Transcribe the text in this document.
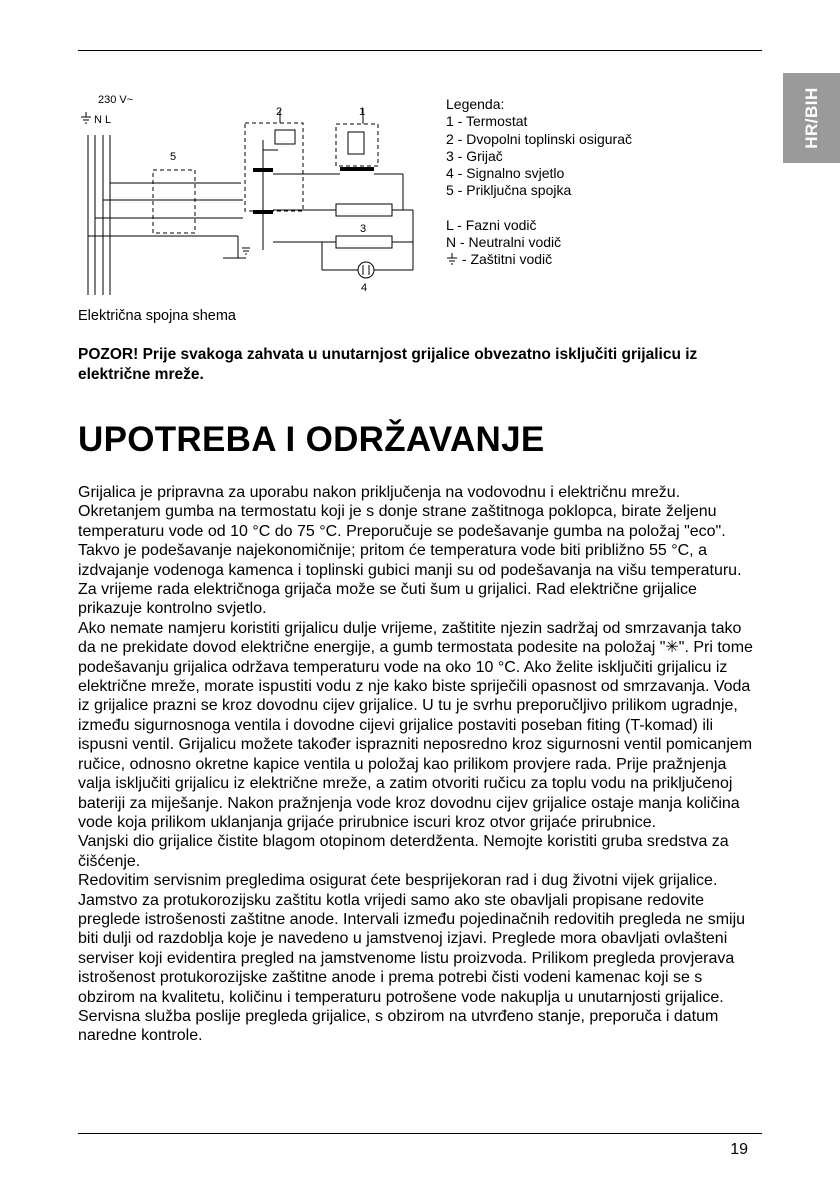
HR/BIH
230 V~
N L
5
2	1
3
4
Legenda:
1 - Termostat
2 - Dvopolni toplinski osigurač
3 - Grijač
4 - Signalno svjetlo
5 - Priključna spojka
L - Fazni vodič
N - Neutralni vodič
- Zaštitni vodič
Električna spojna shema
POZOR! Prije svakoga zahvata u unutarnjost grijalice obvezatno isključiti grijalicu iz električne mreže.
UPOTREBA I ODRŽAVANJE

Grijalica je pripravna za uporabu nakon priključenja na vodovodnu i električnu mrežu. Okretanjem gumba na termostatu koji je s donje strane zaštitnoga poklopca, birate željenu temperaturu vode od 10 °C do 75 °C. Preporučuje se podešavanje gumba na položaj "eco". Takvo je podešavanje najekonomičnije; pritom će temperatura vode biti približno 55 °C, a izdvajanje vodenoga kamenca i toplinski gubici manji su od podešavanja na višu temperaturu. Za vrijeme rada električnoga grijača može se čuti šum u grijalici. Rad električne grijalice prikazuje kontrolno svjetlo.

Ako nemate namjeru koristiti grijalicu dulje vrijeme, zaštitite njezin sadržaj od smrzavanja tako da ne prekidate dovod električne energije, a gumb termostata podesite na položaj "✳". Pri tome podešavanju grijalica održava temperaturu vode na oko 10 °C. Ako želite isključiti grijalicu iz električne mreže, morate ispustiti vodu z nje kako biste spriječili opasnost od smrzavanja. Voda iz grijalice prazni se kroz dovodnu cijev grijalice. U tu je svrhu preporučljivo prilikom ugradnje, između sigurnosnoga ventila i dovodne cijevi grijalice postaviti poseban fiting (T-komad) ili ispusni ventil. Grijalicu možete također isprazniti neposredno kroz sigurnosni ventil pomicanjem ručice, odnosno okretne kapice ventila u položaj kao prilikom provjere rada. Prije pražnjenja valja isključiti grijalicu iz električne mreže, a zatim otvoriti ručicu za toplu vodu na priključenoj bateriji za miješanje. Nakon pražnjenja vode kroz dovodnu cijev grijalice ostaje manja količina vode koja prilikom uklanjanja grijaće prirubnice iscuri kroz otvor grijaće prirubnice.

Vanjski dio grijalice čistite blagom otopinom deterdženta. Nemojte koristiti gruba sredstva za čišćenje.

Redovitim servisnim pregledima osigurat ćete besprijekoran rad i dug životni vijek grijalice. Jamstvo za protukorozijsku zaštitu kotla vrijedi samo ako ste obavljali propisane redovite preglede istrošenosti zaštitne anode. Intervali između pojedinačnih redovitih pregleda ne smiju biti dulji od razdoblja koje je navedeno u jamstvenoj izjavi. Preglede mora obavljati ovlašteni serviser koji evidentira pregled na jamstvenome listu proizvoda. Prilikom pregleda provjerava istrošenost protukorozijske zaštitne anode i prema potrebi čisti vodeni kamenac koji se s obzirom na kvalitetu, količinu i temperaturu potrošene vode nakuplja u unutarnjosti grijalice. Servisna služba poslije pregleda grijalice, s obzirom na utvrđeno stanje, preporuča i datum naredne kontrole.

19
